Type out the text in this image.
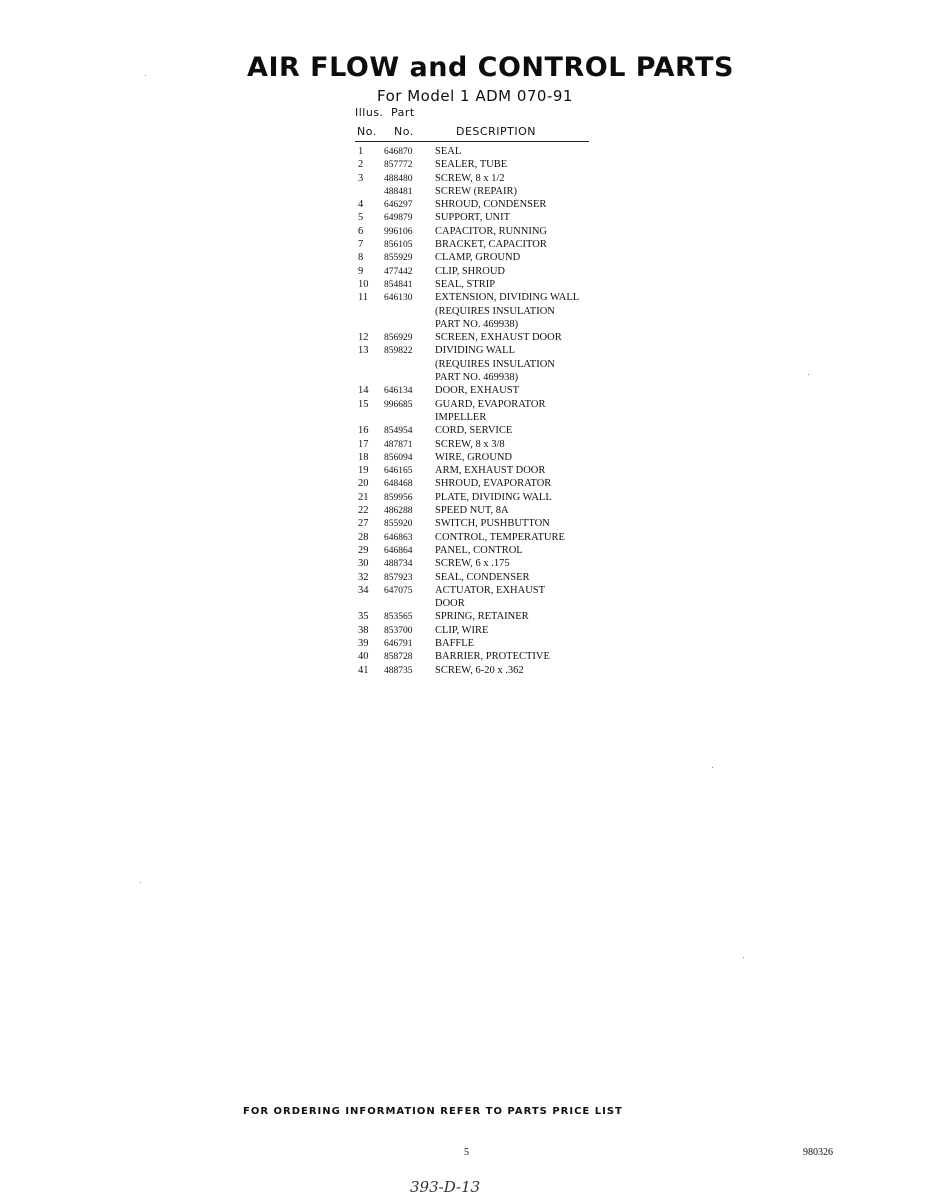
AIR FLOW and CONTROL PARTS
For Model 1 ADM 070-91
Illus. Part
No. No.	DESCRIPTION
1 646870 SEAL
2 857772 SEALER, TUBE
3 488480 SCREW, 8 x 1/2
488481 SCREW (REPAIR)
4 646297 SHROUD, CONDENSER
5 649879 SUPPORT, UNIT
6 996106 CAPACITOR, RUNNING
7 856105 BRACKET, CAPACITOR
8 855929 CLAMP, GROUND
9 477442 CLIP, SHROUD
10 854841 SEAL, STRIP
11 646130 EXTENSION, DIVIDING WALL
(REQUIRES INSULATION
PART NO. 469938)
12 856929 SCREEN, EXHAUST DOOR
13 859822 DIVIDING WALL
(REQUIRES INSULATION
PART NO. 469938)
14 646134 DOOR, EXHAUST
15 996685 GUARD, EVAPORATOR
IMPELLER
16 854954 CORD, SERVICE
17 487871 SCREW, 8 x 3/8
18 856094 WIRE, GROUND
19 646165 ARM, EXHAUST DOOR
20 648468 SHROUD, EVAPORATOR
21 859956 PLATE, DIVIDING WALL
22 486288 SPEED NUT, 8A
27 855920 SWITCH, PUSHBUTTON
28 646863 CONTROL, TEMPERATURE
29 646864 PANEL, CONTROL
30 488734 SCREW, 6 x .175
32 857923 SEAL, CONDENSER
34 647075 ACTUATOR, EXHAUST
DOOR
35 853565 SPRING, RETAINER
38 853700 CLIP, WIRE
39 646791 BAFFLE
40 858728 BARRIER, PROTECTIVE
41 488735 SCREW, 6-20 x .362
FOR ORDERING INFORMATION REFER TO PARTS PRICE LIST
5	980326
393-D-13
